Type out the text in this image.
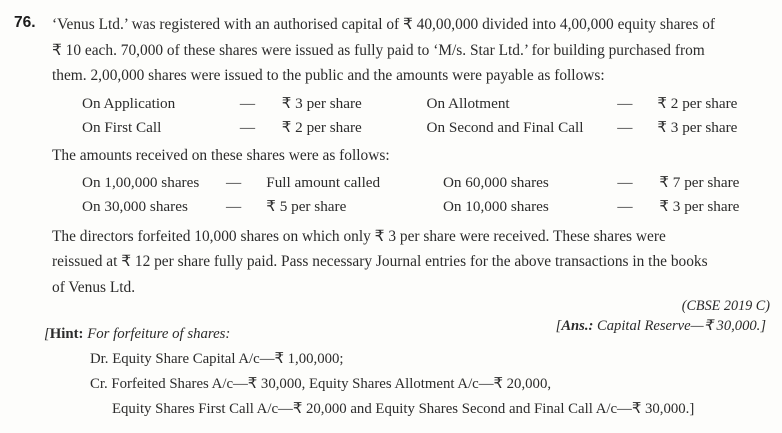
76. ‘Venus Ltd.’ was registered with an authorised capital of ₹ 40,00,000 divided into 4,00,000 equity shares of
₹ 10 each. 70,000 of these shares were issued as fully paid to ‘M/s. Star Ltd.’ for building purchased from
them. 2,00,000 shares were issued to the public and the amounts were payable as follows:
On Application	—	₹ 3 per share	On Allotment	—	₹ 2 per share
On First Call	—	₹ 2 per share	On Second and Final Call	—	₹ 3 per share
The amounts received on these shares were as follows:
On 1,00,000 shares	—	Full amount called	On 60,000 shares	—	₹ 7 per share
On 30,000 shares	—	₹ 5 per share	On 10,000 shares	—	₹ 3 per share
The directors forfeited 10,000 shares on which only ₹ 3 per share were received. These shares were
reissued at ₹ 12 per share fully paid. Pass necessary Journal entries for the above transactions in the books
of Venus Ltd.
(CBSE 2019 C)
[Ans.: Capital Reserve—₹ 30,000.]
[Hint: For forfeiture of shares:
Dr. Equity Share Capital A/c—₹ 1,00,000;
Cr. Forfeited Shares A/c—₹ 30,000, Equity Shares Allotment A/c—₹ 20,000,
Equity Shares First Call A/c—₹ 20,000 and Equity Shares Second and Final Call A/c—₹ 30,000.]
